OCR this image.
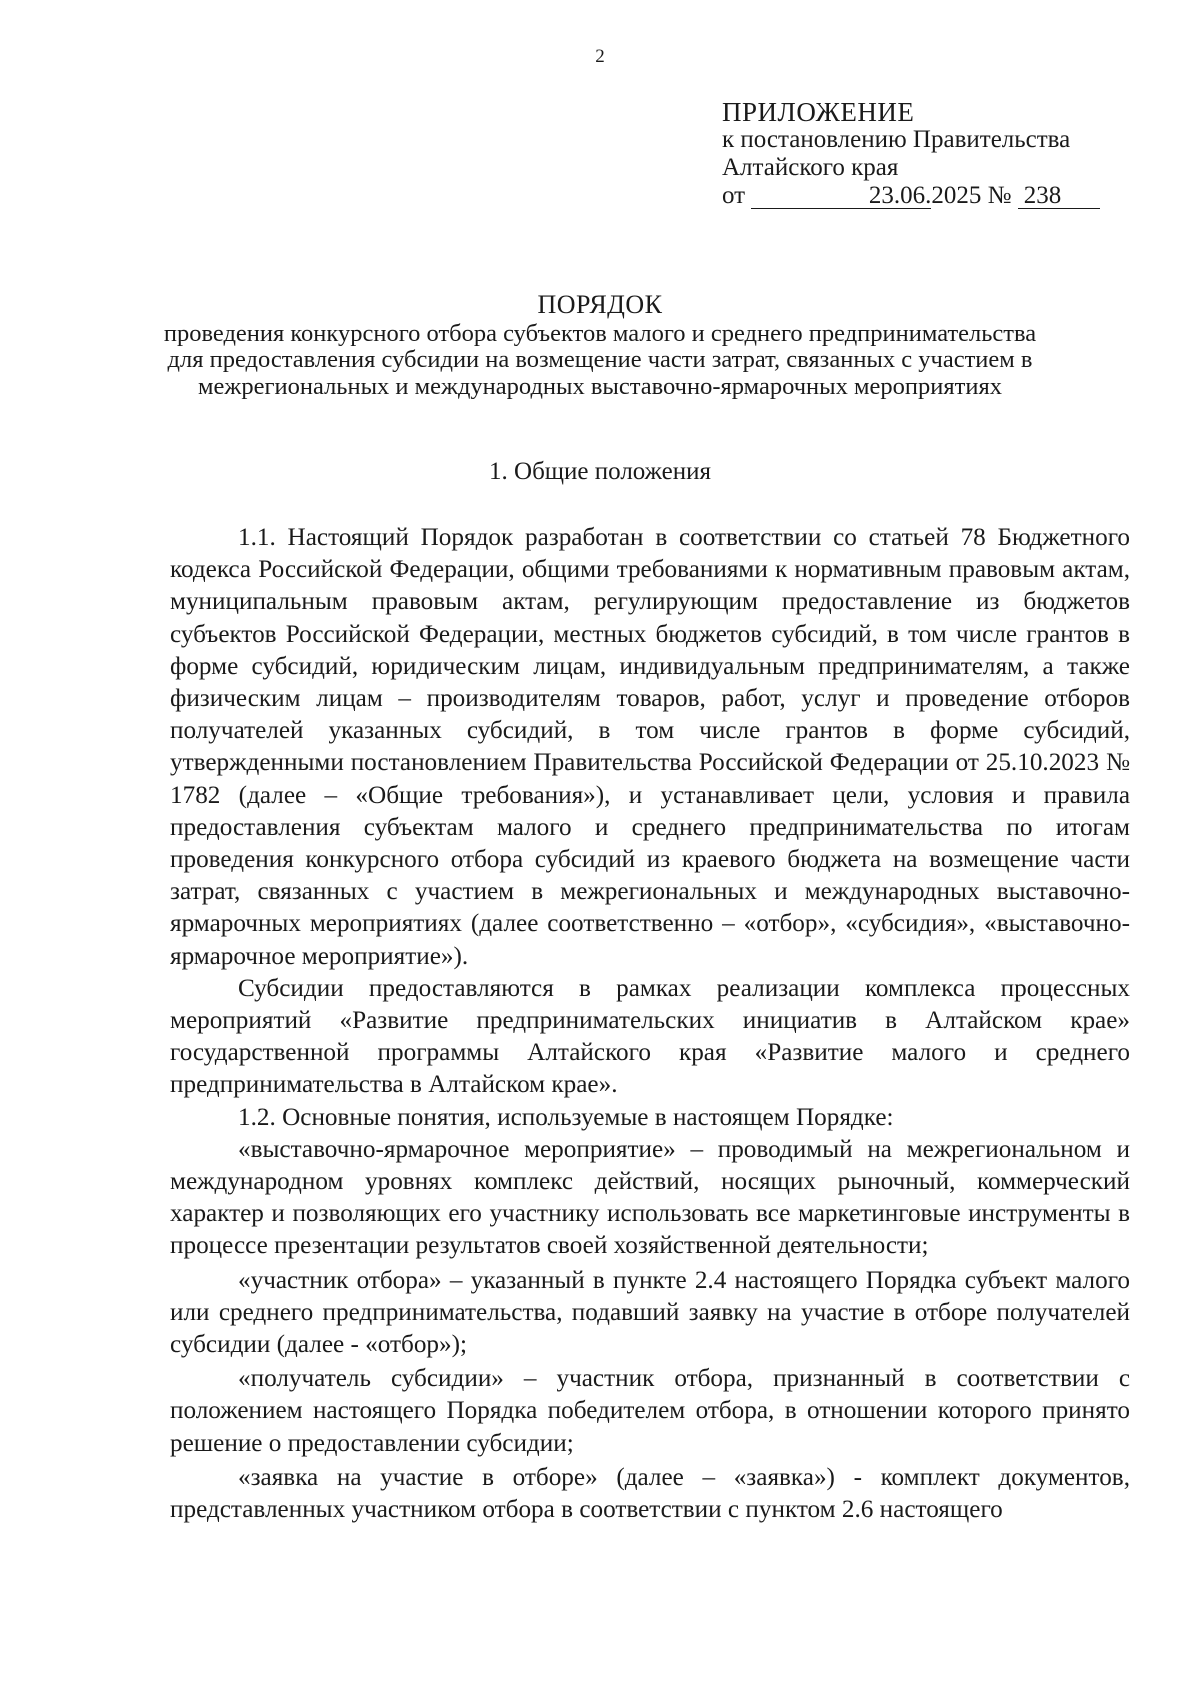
2
ПРИЛОЖЕНИЕ
к постановлению Правительства
Алтайского края
от	23.06.2025 № 238
ПОРЯДОК
проведения конкурсного отбора субъектов малого и среднего предпринимательства для предоставления субсидии на возмещение части затрат, связанных с участием в межрегиональных и международных выставочно-ярмарочных мероприятиях
1. Общие положения

1.1. Настоящий Порядок разработан в соответствии со статьей 78 Бюджетного кодекса Российской Федерации, общими требованиями к нормативным правовым актам, муниципальным правовым актам, регулирующим предоставление из бюджетов субъектов Российской Федерации, местных бюджетов субсидий, в том числе грантов в форме субсидий, юридическим лицам, индивидуальным предпринимателям, а также физическим лицам – производителям товаров, работ, услуг и проведение отборов получателей указанных субсидий, в том числе грантов в форме субсидий, утвержденными постановлением Правительства Российской Федерации от 25.10.2023 № 1782 (далее – «Общие требования»), и устанавливает цели, условия и правила предоставления субъектам малого и среднего предпринимательства по итогам проведения конкурсного отбора субсидий из краевого бюджета на возмещение части затрат, связанных с участием в межрегиональных и международных выставочно-ярмарочных мероприятиях (далее соответственно – «отбор», «субсидия», «выставочно-ярмарочное мероприятие»).

Субсидии предоставляются в рамках реализации комплекса процессных мероприятий «Развитие предпринимательских инициатив в Алтайском крае» государственной программы Алтайского края «Развитие малого и среднего предпринимательства в Алтайском крае».

1.2. Основные понятия, используемые в настоящем Порядке:

«выставочно-ярмарочное мероприятие» – проводимый на межрегиональном и международном уровнях комплекс действий, носящих рыночный, коммерческий характер и позволяющих его участнику использовать все маркетинговые инструменты в процессе презентации результатов своей хозяйственной деятельности;

«участник отбора» – указанный в пункте 2.4 настоящего Порядка субъект малого или среднего предпринимательства, подавший заявку на участие в отборе получателей субсидии (далее - «отбор»);

«получатель субсидии» – участник отбора, признанный в соответствии с положением настоящего Порядка победителем отбора, в отношении которого принято решение о предоставлении субсидии;

«заявка на участие в отборе» (далее – «заявка») - комплект документов, представленных участником отбора в соответствии с пунктом 2.6 настоящего
